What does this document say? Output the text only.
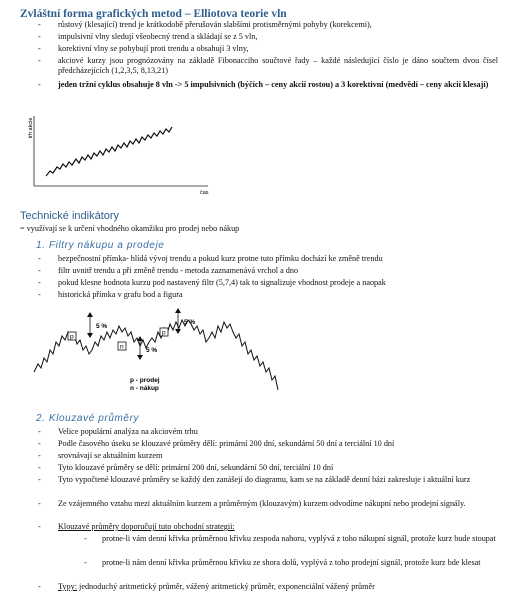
Zvláštní forma grafických metod – Elliotova teorie vln
- růstový (klesající) trend je krátkodobě přerušován slabšími protisměrnými pohyby (korekcemi),
- impulsivní vlny sledují všeobecný trend a skládají se z 5 vln,
- korektivní vlny se pohybují proti trendu a obsahují 3 vlny,
- akciové kurzy jsou prognózovány na základě Fibonacciho součtové řady – každé následující číslo je dáno součtem dvou čísel předcházejících (1,2,3,5, 8,13,21)
- jeden tržní cyklus obsahuje 8 vln -> 5 impulsivních (býčích – ceny akcií rostou) a 3 korektivní (medvědí – ceny akcií klesají)
trh akcie
čas
Technické indikátory
= využívají se k určení vhodného okamžiku pro prodej nebo nákup
1. Filtry nákupu a prodeje
- bezpečnostní přímka- hlídá vývoj trendu a pokud kurz protne tuto přímku dochází ke změně trendu
- filtr uvnitř trendu a při změně trendu - metoda zaznamenává vrchol a dno
- pokud klesne hodnota kurzu pod nastavený filtr (5,7,4) tak to signalizuje vhodnost prodeje a naopak
- historická přímka v grafu bod a figura
5 %
5 %
5 %
p
n
p
p - prodej
n - nákup
2. Klouzavé průměry
- Velice populární analýza na akciovém trhu
- Podle časového úseku se klouzavé průměry dělí: primární 200 dní, sekundární 50 dní a terciální 10 dní
- srovnávají se aktuálním kurzem
- Tyto klouzavé průměry se dělí: primární 200 dní, sekundární 50 dní, terciální 10 dní
- Tyto vypočtené klouzavé průměry se každý den zanášejí do diagramu, kam se na základě denní bázi zakresluje i aktuální kurz
- Ze vzájemného vztahu mezi aktuálním kurzem a průměrným (klouzavým) kurzem odvodíme nákupní nebo prodejní signály.
- Klouzavé průměry doporučují tuto obchodní strategii:
- protne-li vám denní křivka průměrnou křivku zespoda nahoru, vyplývá z toho nákupní signál, protože kurz bude stoupat
- protne-li nám denní křivka průměrnou křivku ze shora dolů, vyplývá z toho prodejní signál, protože kurz bde klesat
- Typy: jednoduchý aritmetický průměr, vážený aritmetický průměr, exponenciální vážený průměr
